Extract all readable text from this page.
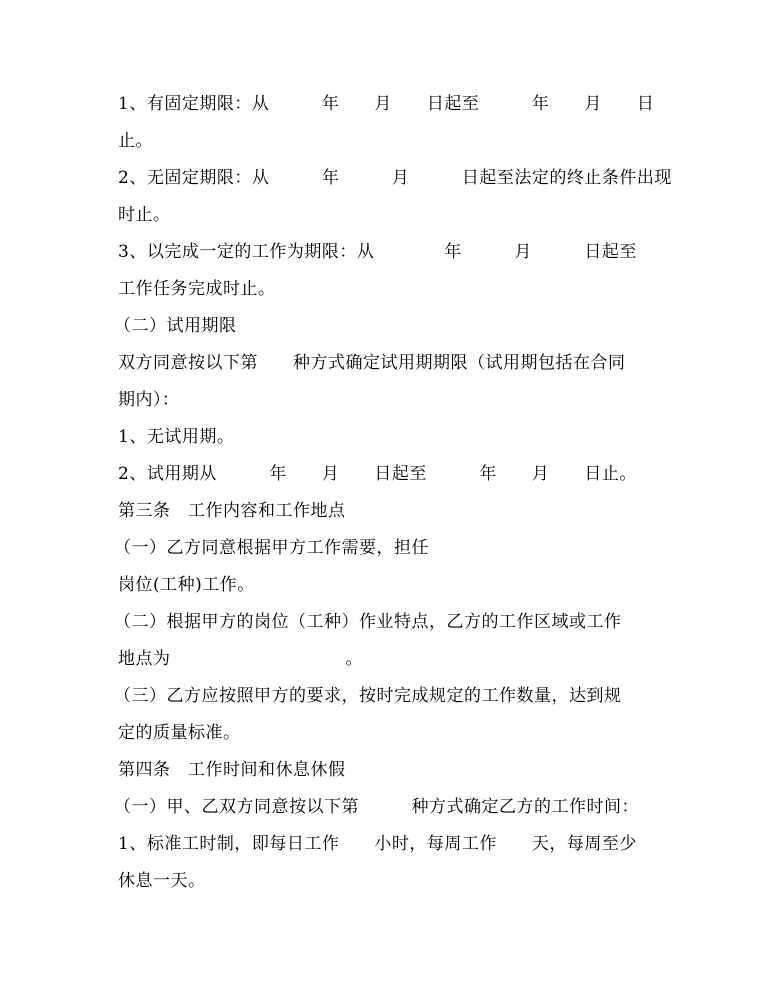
1、有固定期限：从　　　年　　月　　日起至　　　年　　月　　日
止。
2、无固定期限：从　　　年　　　月　　　日起至法定的终止条件出现
时止。
3、以完成一定的工作为期限：从　　　　年　　　月　　　日起至
工作任务完成时止。
（二）试用期限
双方同意按以下第　　种方式确定试用期期限（试用期包括在合同
期内）：
1、无试用期。
2、试用期从　　　年　　月　　日起至　　　年　　月　　日止。
第三条　工作内容和工作地点
（一）乙方同意根据甲方工作需要，担任
岗位(工种)工作。
（二）根据甲方的岗位（工种）作业特点，乙方的工作区域或工作
地点为　　　　　　　　　　。
（三）乙方应按照甲方的要求，按时完成规定的工作数量，达到规
定的质量标准。
第四条　工作时间和休息休假
（一）甲、乙双方同意按以下第　　　种方式确定乙方的工作时间：
1、标准工时制，即每日工作　　小时，每周工作　　天，每周至少
休息一天。
